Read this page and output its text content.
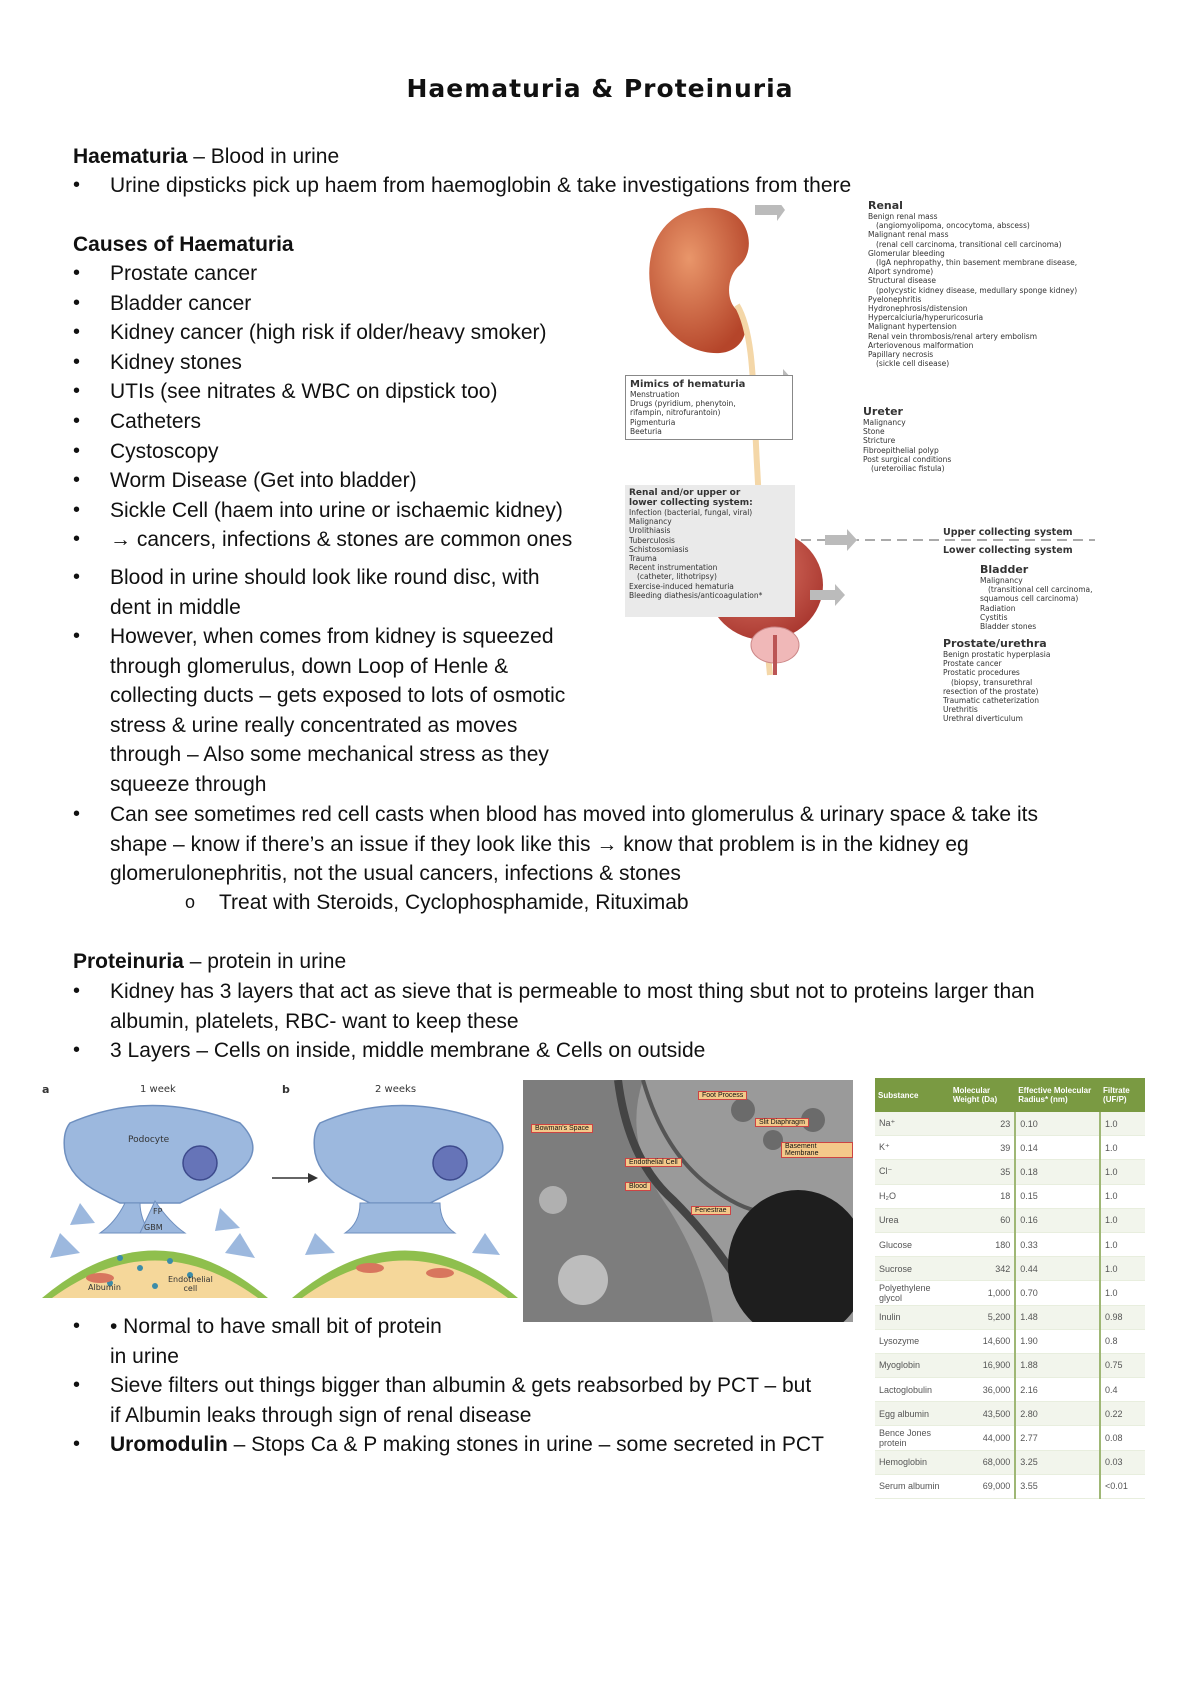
Haematuria & Proteinuria
Haematuria – Blood in urine
•	Urine dipsticks pick up haem from haemoglobin & take investigations from there
Causes of Haematuria
•	Prostate cancer
•	Bladder cancer
•	Kidney cancer (high risk if older/heavy smoker)
•	Kidney stones
•	UTIs (see nitrates & WBC on dipstick too)
•	Catheters
•	Cystoscopy
•	Worm Disease (Get into bladder)
•	Sickle Cell (haem into urine or ischaemic kidney)
•	→ cancers, infections & stones are common ones
•	Blood in urine should look like round disc, with
dent in middle
•	However, when comes from kidney is squeezed
through glomerulus, down Loop of Henle &
collecting ducts – gets exposed to lots of osmotic
stress & urine really concentrated as moves
through – Also some mechanical stress as they
squeeze through
•	Can see sometimes red cell casts when blood has moved into glomerulus & urinary space & take its
shape – know if there’s an issue if they look like this → know that problem is in the kidney eg
glomerulonephritis, not the usual cancers, infections & stones
o Treat with Steroids, Cyclophosphamide, Rituximab
Proteinuria – protein in urine
•	Kidney has 3 layers that act as sieve that is permeable to most thing sbut not to proteins larger than
albumin, platelets, RBC- want to keep these
•	3 Layers – Cells on inside, middle membrane & Cells on outside
•	• Normal to have small bit of protein
in urine
•	Sieve filters out things bigger than albumin & gets reabsorbed by PCT – but
if Albumin leaks through sign of renal disease
•	Uromodulin – Stops Ca & P making stones in urine – some secreted in PCT
Mimics of hematuria
Menstruation
Drugs (pyridium, phenytoin,
rifampin, nitrofurantoin)
Pigmenturia
Beeturia
Renal and/or upper or
lower collecting system:
Infection (bacterial, fungal, viral)
Malignancy
Urolithiasis
Tuberculosis
Schistosomiasis
Trauma
Recent instrumentation
(catheter, lithotripsy)
Exercise-induced hematuria
Bleeding diathesis/anticoagulation*
Renal
Benign renal mass
(angiomyolipoma, oncocytoma, abscess)
Malignant renal mass
(renal cell carcinoma, transitional cell carcinoma)
Glomerular bleeding
(IgA nephropathy, thin basement membrane disease,
Alport syndrome)
Structural disease
(polycystic kidney disease, medullary sponge kidney)
Pyelonephritis
Hydronephrosis/distension
Hypercalciuria/hyperuricosuria
Malignant hypertension
Renal vein thrombosis/renal artery embolism
Arteriovenous malformation
Papillary necrosis
(sickle cell disease)
Ureter
Malignancy
Stone
Stricture
Fibroepithelial polyp
Post surgical conditions
(ureteroiliac fistula)
Upper collecting system
Lower collecting system
Bladder
Malignancy
(transitional cell carcinoma,
squamous cell carcinoma)
Radiation
Cystitis
Bladder stones
Prostate/urethra
Benign prostatic hyperplasia
Prostate cancer
Prostatic procedures
(biopsy, transurethral
resection of the prostate)
Traumatic catheterization
Urethritis
Urethral diverticulum
a	1 week	b	2 weeks
Podocyte
FP
GBM
Endothelial
cell
Albumin
Foot Process
Slit Diaphragm
Basement Membrane
Bowman's Space
Endothelial Cell
Blood
Fenestrae
Substance	Molecular Weight (Da)	Effective Molecular Radius* (nm)	Filtrate (UF/P)
Na⁺	23	0.10	1.0
K⁺	39	0.14	1.0
Cl⁻	35	0.18	1.0
H₂O	18	0.15	1.0
Urea	60	0.16	1.0
Glucose	180	0.33	1.0
Sucrose	342	0.44	1.0
Polyethylene glycol	1,000	0.70	1.0
Inulin	5,200	1.48	0.98
Lysozyme	14,600	1.90	0.8
Myoglobin	16,900	1.88	0.75
Lactoglobulin	36,000	2.16	0.4
Egg albumin	43,500	2.80	0.22
Bence Jones protein	44,000	2.77	0.08
Hemoglobin	68,000	3.25	0.03
Serum albumin	69,000	3.55	<0.01
